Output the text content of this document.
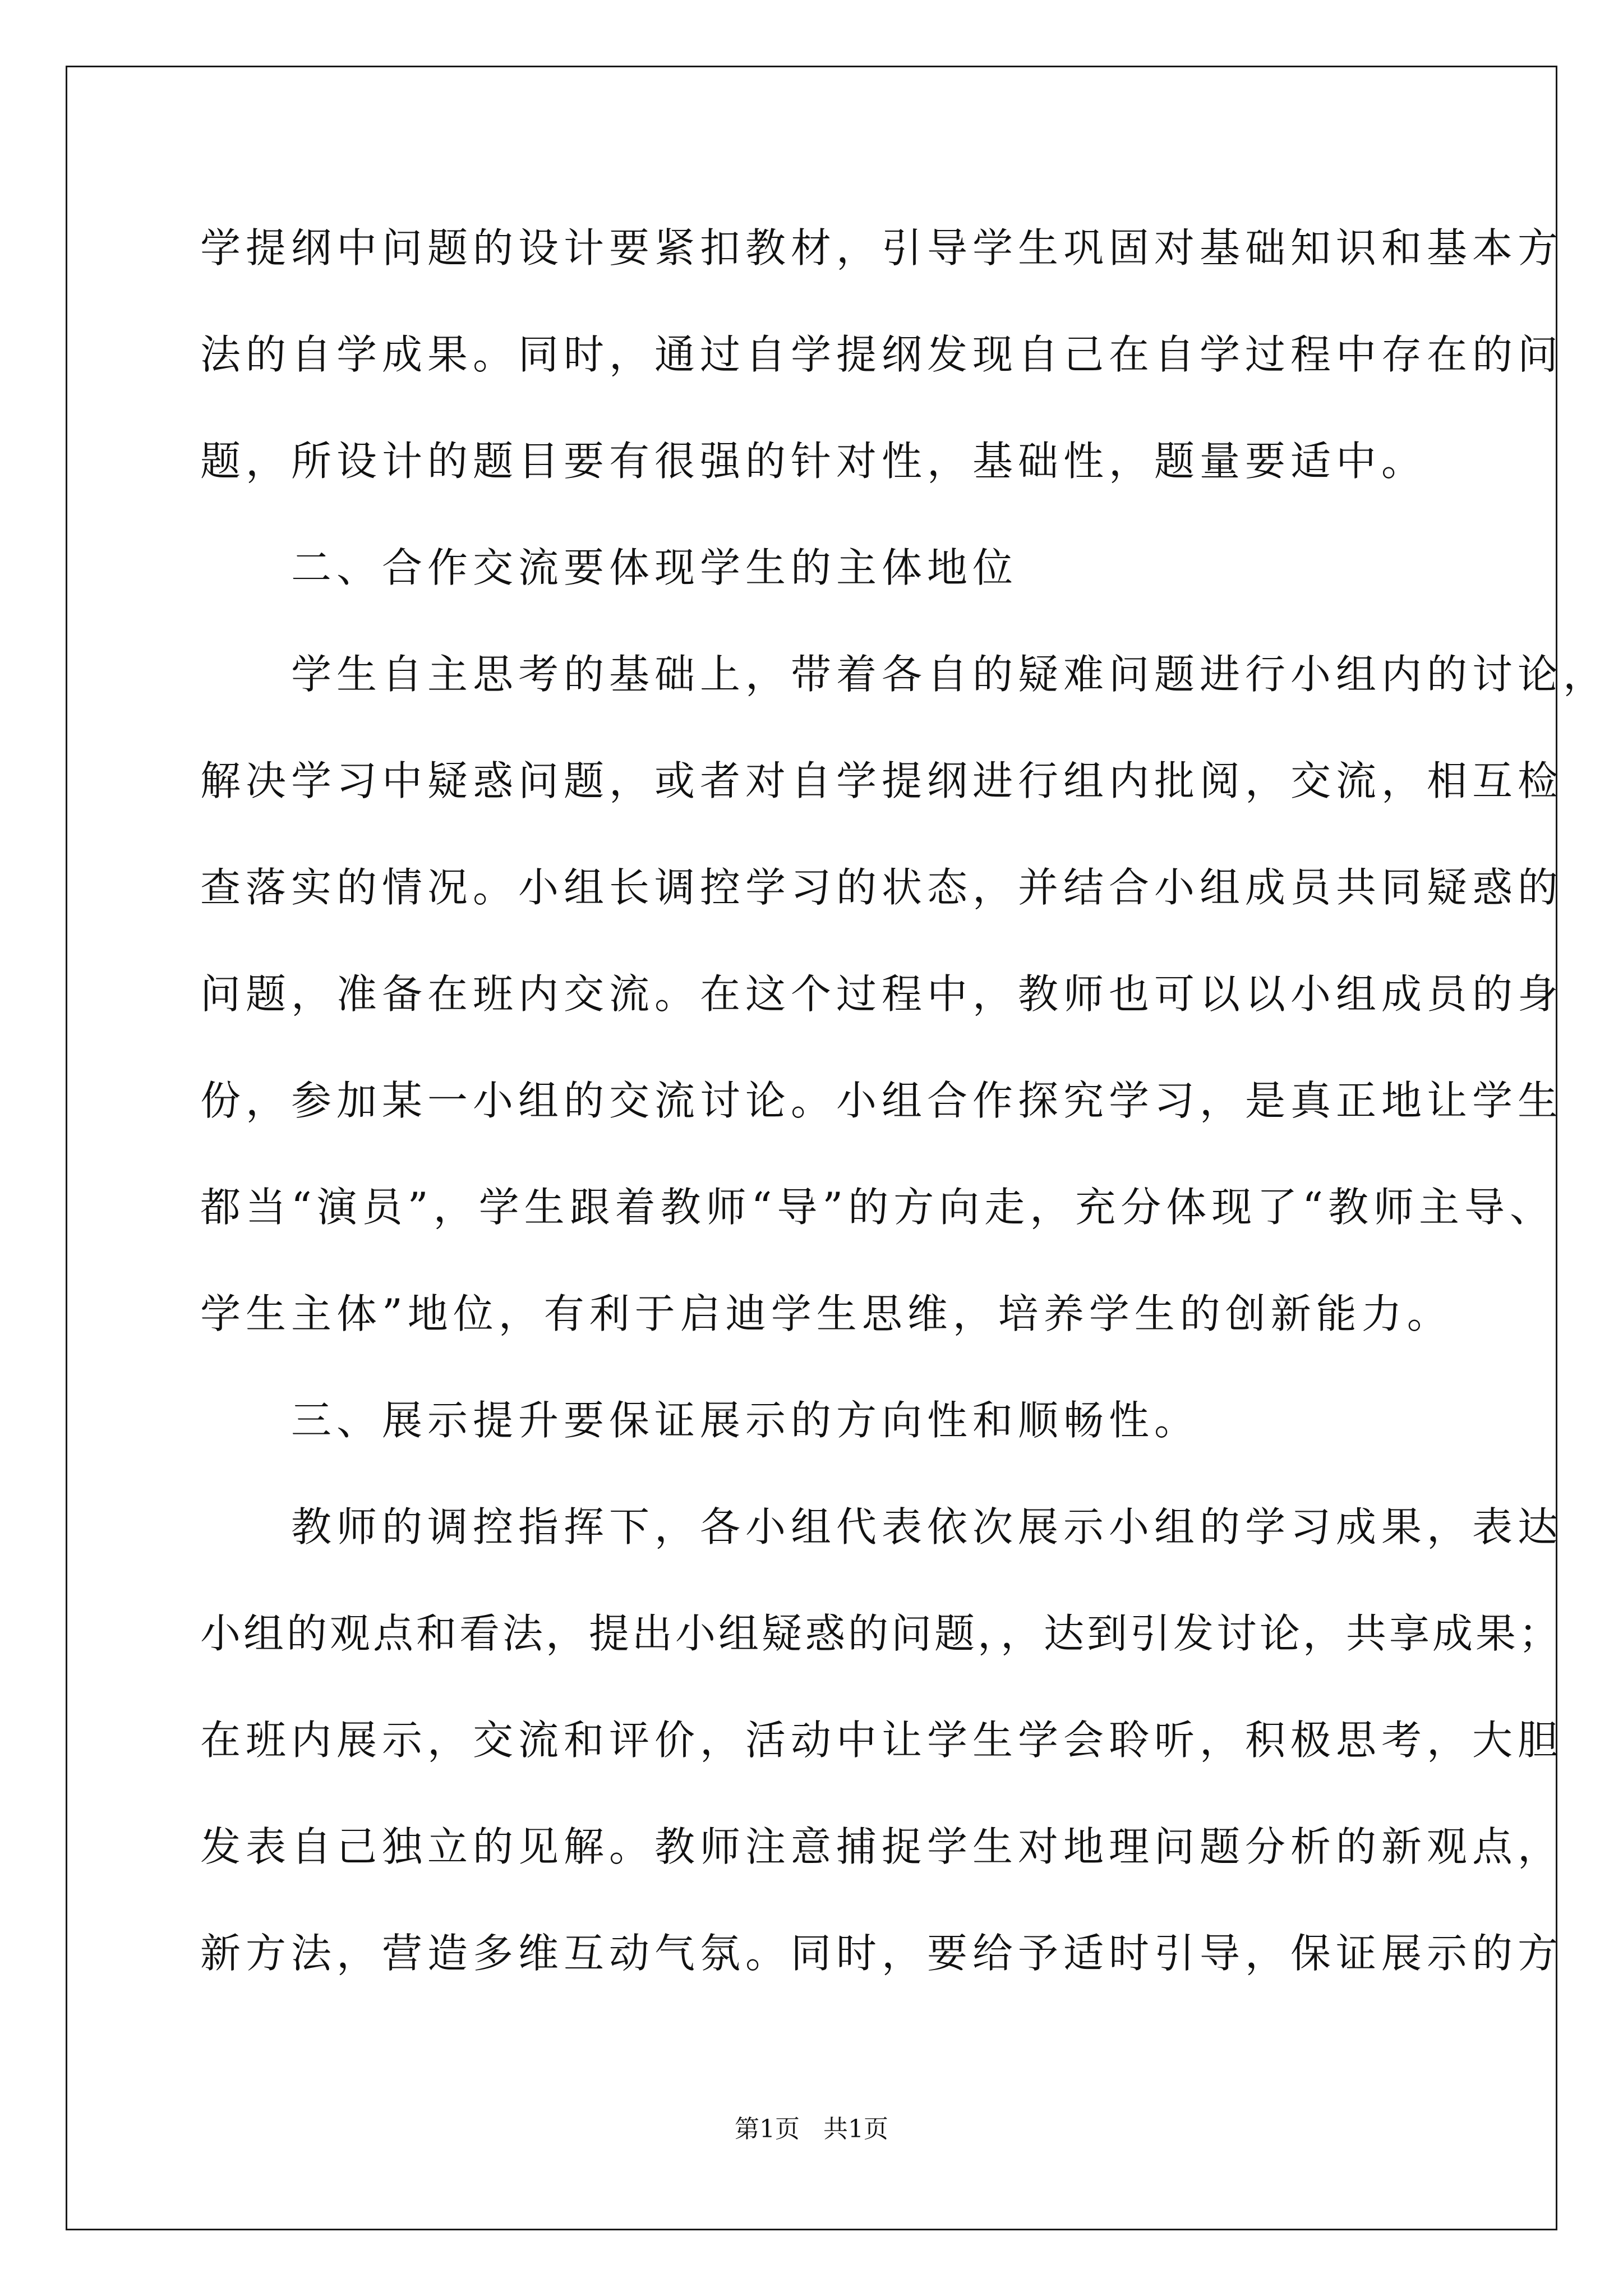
学提纲中问题的设计要紧扣教材，引导学生巩固对基础知识和基本方

法的自学成果。同时，通过自学提纲发现自己在自学过程中存在的问

题，所设计的题目要有很强的针对性，基础性，题量要适中。

　　二、合作交流要体现学生的主体地位

　　学生自主思考的基础上，带着各自的疑难问题进行小组内的讨论，

解决学习中疑惑问题，或者对自学提纲进行组内批阅，交流，相互检

查落实的情况。小组长调控学习的状态，并结合小组成员共同疑惑的

问题，准备在班内交流。在这个过程中，教师也可以以小组成员的身

份，参加某一小组的交流讨论。小组合作探究学习，是真正地让学生

都当“演员”，学生跟着教师“导”的方向走，充分体现了“教师主导、

学生主体”地位，有利于启迪学生思维，培养学生的创新能力。

　　三、展示提升要保证展示的方向性和顺畅性。

　　教师的调控指挥下，各小组代表依次展示小组的学习成果，表达

小组的观点和看法，提出小组疑惑的问题，，达到引发讨论，共享成果；

在班内展示，交流和评价，活动中让学生学会聆听，积极思考，大胆

发表自己独立的见解。教师注意捕捉学生对地理问题分析的新观点，

新方法，营造多维互动气氛。同时，要给予适时引导，保证展示的方

第1页 共1页
